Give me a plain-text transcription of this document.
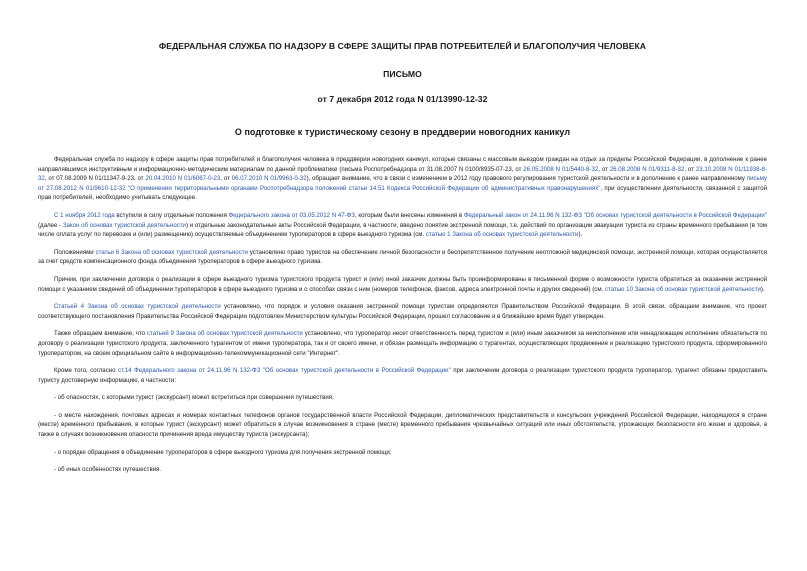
ФЕДЕРАЛЬНАЯ СЛУЖБА ПО НАДЗОРУ В СФЕРЕ ЗАЩИТЫ ПРАВ ПОТРЕБИТЕЛЕЙ И БЛАГОПОЛУЧИЯ ЧЕЛОВЕКА
ПИСЬМО
от 7 декабря 2012 года N 01/13990-12-32
О подготовке к туристическому сезону в преддверии новогодних каникул

Федеральная служба по надзору в сфере защиты прав потребителей и благополучия человека в преддверии новогодних каникул, которые связаны с массовым выездом граждан на отдых за пределы Российской Федерации, в дополнение к ранее направлявшимся инструктивным и информационно-методическим материалам по данной проблематике (письма Роспотребнадзора от 31.08.2007 N 0100/8935-07-23, от 26.05.2008 N 01/5440-8-32, от 26.08.2008 N 01/9311-8-32, от 23.10.2008 N 01/11938-8-32, от 07.08.2009 N 01/11347-9-23, от 20.04.2010 N 01/6067-0-23, от 06.07.2010 N 01/9963-0-32), обращает внимание, что в связи с изменением в 2012 году правового регулирования туристской деятельности и в дополнение к ранее направленному письму от 27.08.2012 N 01/9610-12-32 "О применении территориальными органами Роспотребнадзора положений статьи 14.51 Кодекса Российской Федерации об административных правонарушениях", при осуществлении деятельности, связанной с защитой прав потребителей, необходимо учитывать следующее.

С 1 ноября 2012 года вступили в силу отдельные положения Федерального закона от 03.05.2012 N 47-ФЗ, которым были внесены изменения в Федеральный закон от 24.11.96 N 132-ФЗ "Об основах туристской деятельности в Российской Федерации" (далее - Закон об основах туристской деятельности) и отдельные законодательные акты Российской Федерации, в частности, введено понятие экстренной помощи, т.е. действий по организации эвакуации туриста из страны временного пребывания (в том числе оплата услуг по перевозке и (или) размещению) осуществляемые объединением туроператоров в сфере выездного туризма (см. статью 1 Закона об основах туристской деятельности).

Положениями статьи 6 Закона об основах туристской деятельности установлено право туристов на обеспечение личной безопасности и беспрепятственное получение неотложной медицинской помощи, экстренной помощи, которая осуществляется за счет средств компенсационного фонда объединения туроператоров в сфере выездного туризма.

Причем, при заключении договора о реализации в сфере выездного туризма туристского продукта турист и (или) иной заказчик должны быть проинформированы в письменной форме о возможности туриста обратиться за оказанием экстренной помощи с указанием сведений об объединении туроператоров в сфере выездного туризма и о способах связи с ним (номеров телефонов, факсов, адреса электронной почты и других сведений) (см. статью 10 Закона об основах туристской деятельности).

Статьей 4 Закона об основах туристской деятельности установлено, что порядок и условия оказания экстренной помощи туристам определяются Правительством Российской Федерации. В этой связи, обращаем внимание, что проект соответствующего постановления Правительства Российской Федерации подготовлен Министерством культуры Российской Федерации, прошел согласование и в ближайшее время будет утвержден.

Также обращаем внимание, что статьей 9 Закона об основах туристской деятельности установлено, что туроператор несет ответственность перед туристом и (или) иным заказчиком за неисполнение или ненадлежащее исполнение обязательств по договору о реализации туристского продукта, заключенного турагентом от имени туроператора, так и от своего имени, и обязан размещать информацию о турагентах, осуществляющих продвижение и реализацию туристского продукта, сформированного туроператором, на своем официальном сайте в информационно-телекоммуникационной сети "Интернет".

Кроме того, согласно ст.14 Федерального закона от 24.11.96 N 132-ФЗ "Об основах туристской деятельности в Российской Федерации" при заключении договора о реализации туристского продукта туроператор, турагент обязаны предоставить туристу достоверную информацию, в частности:

- об опасностях, с которыми турист (экскурсант) может встретиться при совершении путешествия;

- о месте нахождения, почтовых адресах и номерах контактных телефонов органов государственной власти Российской Федерации, дипломатических представительств и консульских учреждений Российской Федерации, находящихся в стране (месте) временного пребывания, в которые турист (экскурсант) может обратиться в случае возникновения в стране (месте) временного пребывания чрезвычайных ситуаций или иных обстоятельств, угрожающих безопасности его жизни и здоровья, а также в случаях возникновения опасности причинения вреда имуществу туриста (экскурсанта);

- о порядке обращения в объединение туроператоров в сфере выездного туризма для получения экстренной помощи;

- об иных особенностях путешествия.
